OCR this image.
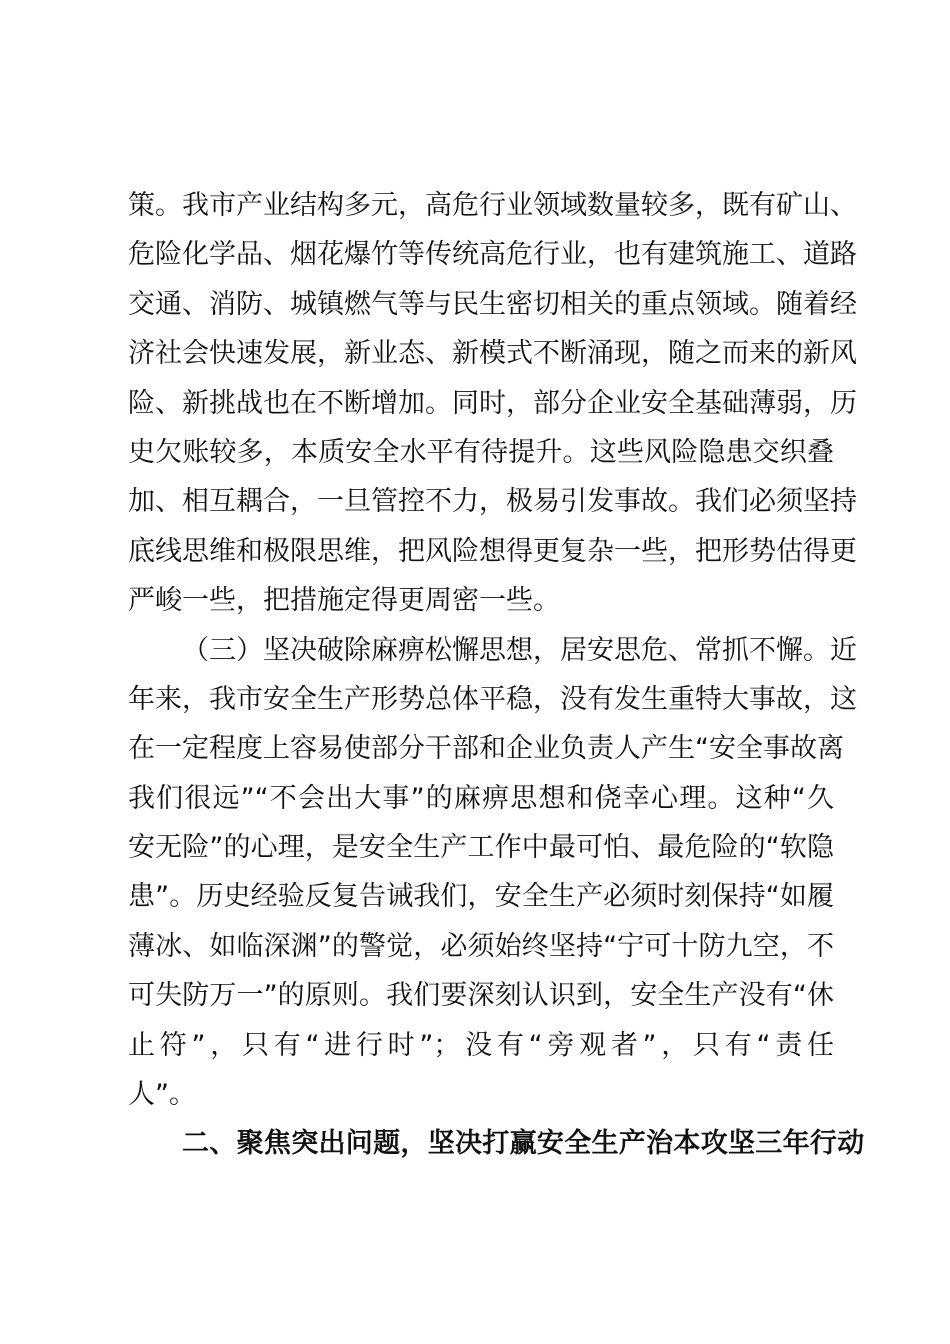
策。我市产业结构多元，高危行业领域数量较多，既有矿山、
危险化学品、烟花爆竹等传统高危行业，也有建筑施工、道路
交通、消防、城镇燃气等与民生密切相关的重点领域。随着经
济社会快速发展，新业态、新模式不断涌现，随之而来的新风
险、新挑战也在不断增加。同时，部分企业安全基础薄弱，历
史欠账较多，本质安全水平有待提升。这些风险隐患交织叠
加、相互耦合，一旦管控不力，极易引发事故。我们必须坚持
底线思维和极限思维，把风险想得更复杂一些，把形势估得更
严峻一些，把措施定得更周密一些。
（三）坚决破除麻痹松懈思想，居安思危、常抓不懈。近
年来，我市安全生产形势总体平稳，没有发生重特大事故，这
在一定程度上容易使部分干部和企业负责人产生“安全事故离
我们很远”“不会出大事”的麻痹思想和侥幸心理。这种“久
安无险”的心理，是安全生产工作中最可怕、最危险的“软隐
患”。历史经验反复告诫我们，安全生产必须时刻保持“如履
薄冰、如临深渊”的警觉，必须始终坚持“宁可十防九空，不
可失防万一”的原则。我们要深刻认识到，安全生产没有“休
止符”，只有“进行时”；没有“旁观者”，只有“责任
人”。
二、聚焦突出问题，坚决打赢安全生产治本攻坚三年行动
